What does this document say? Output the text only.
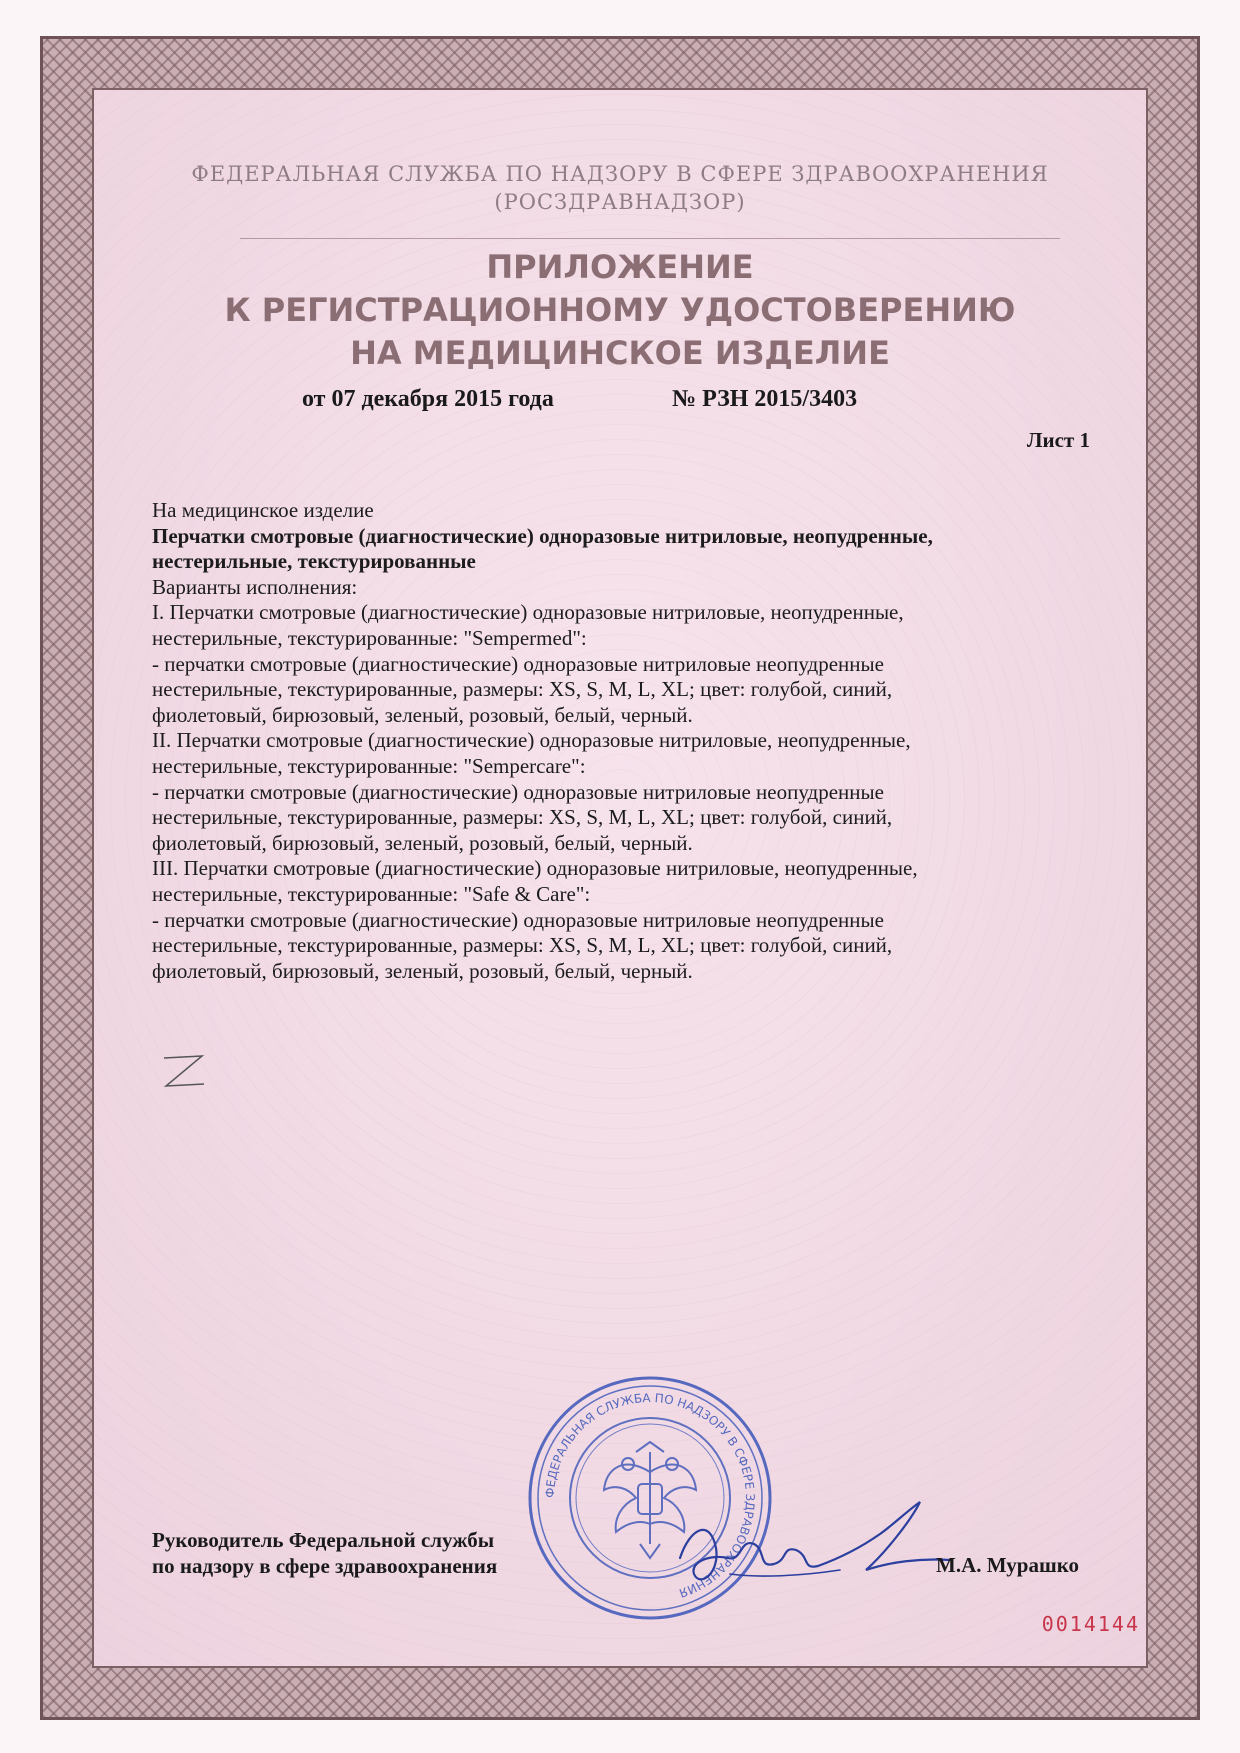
ФЕДЕРАЛЬНАЯ СЛУЖБА ПО НАДЗОРУ В СФЕРЕ ЗДРАВООХРАНЕНИЯ
(РОСЗДРАВНАДЗОР)
ПРИЛОЖЕНИЕ
К РЕГИСТРАЦИОННОМУ УДОСТОВЕРЕНИЮ
НА МЕДИЦИНСКОЕ ИЗДЕЛИЕ
от 07 декабря 2015 года	№ РЗН 2015/3403
Лист 1

На медицинское изделие

Перчатки смотровые (диагностические) одноразовые нитриловые, неопудренные,

нестерильные, текстурированные

Варианты исполнения:

I. Перчатки смотровые (диагностические) одноразовые нитриловые, неопудренные,

нестерильные, текстурированные: "Sempermed":

- перчатки смотровые (диагностические) одноразовые нитриловые неопудренные

нестерильные, текстурированные, размеры: XS, S, M, L, XL; цвет: голубой, синий,

фиолетовый, бирюзовый, зеленый, розовый, белый, черный.

II. Перчатки смотровые (диагностические) одноразовые нитриловые, неопудренные,

нестерильные, текстурированные: "Sempercare":

- перчатки смотровые (диагностические) одноразовые нитриловые неопудренные

нестерильные, текстурированные, размеры: XS, S, M, L, XL; цвет: голубой, синий,

фиолетовый, бирюзовый, зеленый, розовый, белый, черный.

III. Перчатки смотровые (диагностические) одноразовые нитриловые, неопудренные,

нестерильные, текстурированные: "Safe & Care":

- перчатки смотровые (диагностические) одноразовые нитриловые неопудренные

нестерильные, текстурированные, размеры: XS, S, M, L, XL; цвет: голубой, синий,

фиолетовый, бирюзовый, зеленый, розовый, белый, черный.

ФЕДЕРАЛЬНАЯ СЛУЖБА ПО НАДЗОРУ В СФЕРЕ ЗДРАВООХРАНЕНИЯ
Руководитель Федеральной службы
по надзору в сфере здравоохранения	М.А. Мурашко
0014144
